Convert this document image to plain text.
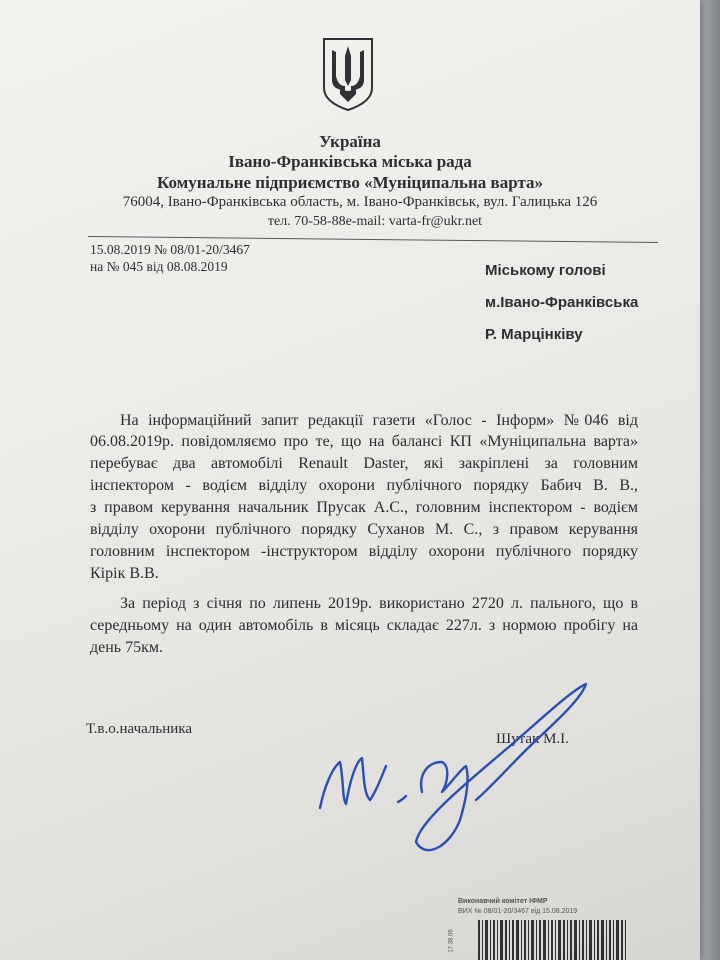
Україна
Івано-Франківська міська рада
Комунальне підприємство «Муніципальна варта»
76004, Івано-Франківська область, м. Івано-Франківськ, вул. Галицька 126
тел. 70-58-88e-mail: varta-fr@ukr.net
15.08.2019 № 08/01-20/3467
на № 045 від 08.08.2019	Міському голові
м.Івано-Франківська
Р. Марцінківу
На інформаційний запит редакції газети «Голос - Інформ» №046 від
06.08.2019р. повідомляємо про те, що на балансі КП «Муніципальна варта»
перебуває два автомобілі Renault Daster, які закріплені за головним
інспектором - водієм відділу охорони публічного порядку Бабич В. В.,
з правом керування начальник Прусак А.С., головним інспектором - водієм
відділу охорони публічного порядку Суханов М. С., з правом керування
головним інспектором -інструктором відділу охорони публічного порядку
Кірік В.В.
За період з січня по липень 2019р. використано 2720 л. пального, що в
середньому на один автомобіль в місяць складає 227л. з нормою пробігу на
день 75км.
Т.в.о.начальника
Шутак М.І.
Виконавчий комітет ІФМР
ВИХ № 08/01-20/3467 від 15.08.2019
17.38.06
